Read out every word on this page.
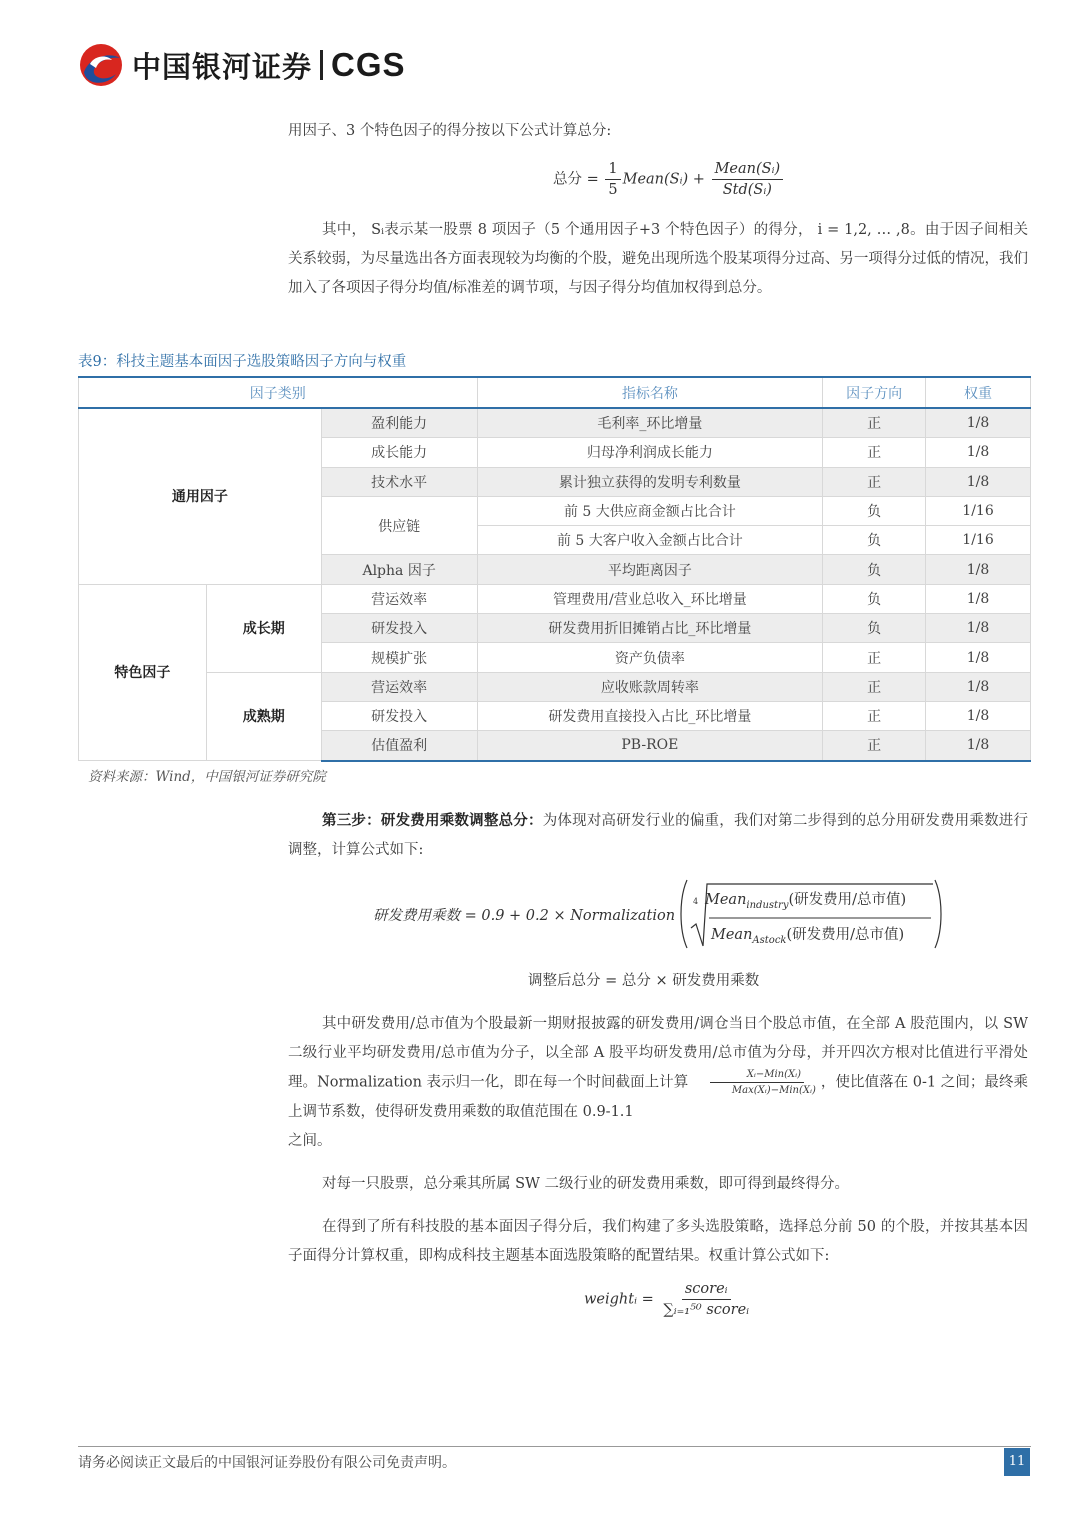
中国银河证券 CGS
用因子、3 个特色因子的得分按以下公式计算总分:
总分 = $\frac{1}{5}$ Mean(Sᵢ) + $\frac{\text{Mean(Sᵢ)}}{\text{Std(Sᵢ)}}$
其中， Sᵢ表示某一股票 8 项因子（5 个通用因子+3 个特色因子）的得分， i = 1,2, … ,8。由于因子间相关关系较弱，为尽量选出各方面表现较为均衡的个股，避免出现所选个股某项得分过高、另一项得分过低的情况，我们加入了各项因子得分均值/标准差的调节项，与因子得分均值加权得到总分。
表9：科技主题基本面因子选股策略因子方向与权重
因子类别			指标名称	因子方向	权重
通用因子		盈利能力	毛利率_环比增量	正	1/8
		成长能力	归母净利润成长能力	正	1/8
		技术水平	累计独立获得的发明专利数量	正	1/8
		供应链	前 5 大供应商金额占比合计	负	1/16
			前 5 大客户收入金额占比合计	负	1/16
		Alpha 因子	平均距离因子	负	1/8
特色因子	成长期	营运效率	管理费用/营业总收入_环比增量	负	1/8
		研发投入	研发费用折旧摊销占比_环比增量	负	1/8
		规模扩张	资产负债率	正	1/8
	成熟期	营运效率	应收账款周转率	正	1/8
		研发投入	研发费用直接投入占比_环比增量	正	1/8
		估值盈利	PB-ROE	正	1/8
资料来源：Wind，中国银河证券研究院
第三步：研发费用乘数调整总分：为体现对高研发行业的偏重，我们对第二步得到的总分用研发费用乘数进行调整，计算公式如下:
研发费用乘数 = 0.9 + 0.2 × Normalization
4 Mean$_{industry}$(研发费用/总市值)
Mean$_{Astock}$(研发费用/总市值)
调整后总分 = 总分 × 研发费用乘数
其中研发费用/总市值为个股最新一期财报披露的研发费用/调仓当日个股总市值，在全部 A 股范围内，以 SW 二级行业平均研发费用/总市值为分子，以全部 A 股平均研发费用/总市值为分母，并开四次方根对比值进行平滑处理。Normalization 表示归一化，即在每一个时间截面上计算 $\frac{\text{Xᵢ−Min(Xᵢ)}}{\text{Max(Xᵢ)−Min(Xᵢ)}}$ ，使比值落在 0-1 之间；最终乘上调节系数，使得研发费用乘数的取值范围在 0.9-1.1
之间。
对每一只股票，总分乘其所属 SW 二级行业的研发费用乘数，即可得到最终得分。
在得到了所有科技股的基本面因子得分后，我们构建了多头选股策略，选择总分前 50 的个股，并按其基本因子面得分计算权重，即构成科技主题基本面选股策略的配置结果。权重计算公式如下:
weightᵢ = $\frac{\text{scoreᵢ}}{\text{∑ᵢ₌₁⁵⁰ scoreᵢ}}$
请务必阅读正文最后的中国银河证券股份有限公司免责声明。	11
